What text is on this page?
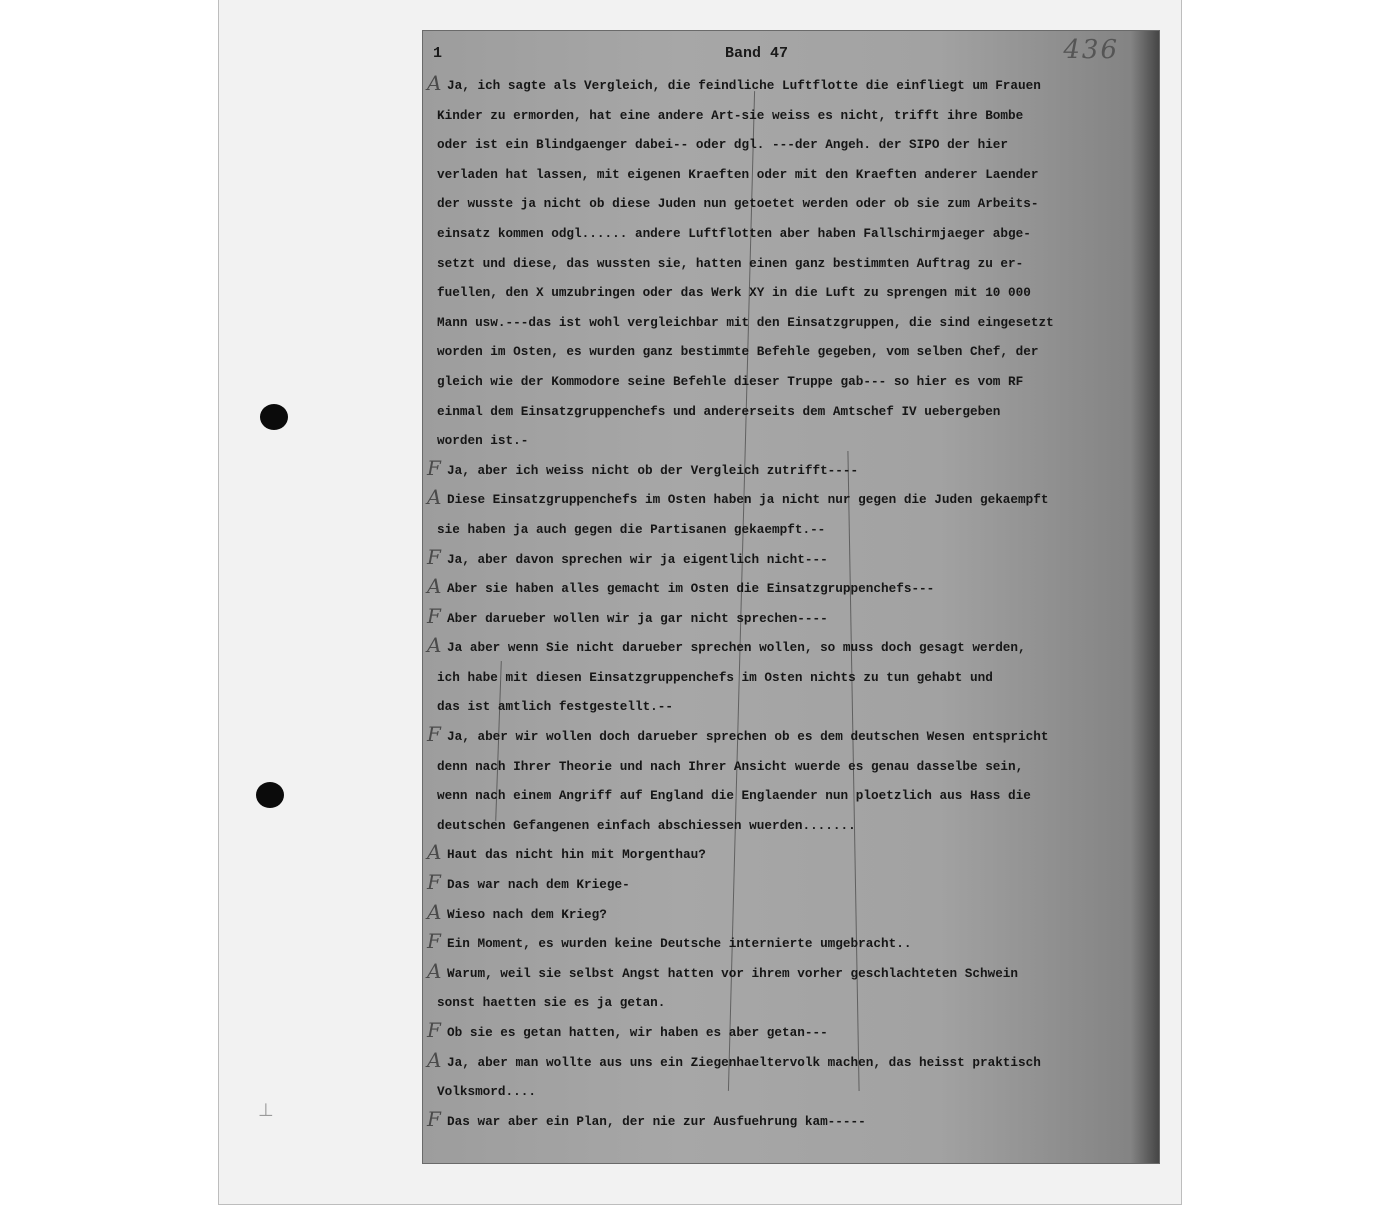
⊥
1	Band 47	436
A Ja, ich sagte als Vergleich, die feindliche Luftflotte die einfliegt um Frauen
Kinder zu ermorden, hat eine andere Art-sie weiss es nicht, trifft ihre Bombe
oder ist ein Blindgaenger dabei-- oder dgl. ---der Angeh. der SIPO der hier
verladen hat lassen, mit eigenen Kraeften oder mit den Kraeften anderer Laender
der wusste ja nicht ob diese Juden nun getoetet werden oder ob sie zum Arbeits-
einsatz kommen odgl...... andere Luftflotten aber haben Fallschirmjaeger abge-
setzt und diese, das wussten sie, hatten einen ganz bestimmten Auftrag zu er-
fuellen, den X umzubringen oder das Werk XY in die Luft zu sprengen mit 10 000
Mann usw.---das ist wohl vergleichbar mit den Einsatzgruppen, die sind eingesetzt
worden im Osten, es wurden ganz bestimmte Befehle gegeben, vom selben Chef, der
gleich wie der Kommodore seine Befehle dieser Truppe gab--- so hier es vom RF
einmal dem Einsatzgruppenchefs und andererseits dem Amtschef IV uebergeben
worden ist.-
F Ja, aber ich weiss nicht ob der Vergleich zutrifft----
A Diese Einsatzgruppenchefs im Osten haben ja nicht nur gegen die Juden gekaempft
sie haben ja auch gegen die Partisanen gekaempft.--
F Ja, aber davon sprechen wir ja eigentlich nicht---
A Aber sie haben alles gemacht im Osten die Einsatzgruppenchefs---
F Aber darueber wollen wir ja gar nicht sprechen----
A Ja aber wenn Sie nicht darueber sprechen wollen, so muss doch gesagt werden,
ich habe mit diesen Einsatzgruppenchefs im Osten nichts zu tun gehabt und
das ist amtlich festgestellt.--
F Ja, aber wir wollen doch darueber sprechen ob es dem deutschen Wesen entspricht
denn nach Ihrer Theorie und nach Ihrer Ansicht wuerde es genau dasselbe sein,
wenn nach einem Angriff auf England die Englaender nun ploetzlich aus Hass die
deutschen Gefangenen einfach abschiessen wuerden.......
A Haut das nicht hin mit Morgenthau?
F Das war nach dem Kriege-
A Wieso nach dem Krieg?
F Ein Moment, es wurden keine Deutsche internierte umgebracht..
A Warum, weil sie selbst Angst hatten vor ihrem vorher geschlachteten Schwein
sonst haetten sie es ja getan.
F Ob sie es getan hatten, wir haben es aber getan---
A Ja, aber man wollte aus uns ein Ziegenhaeltervolk machen, das heisst praktisch
Volksmord....
F Das war aber ein Plan, der nie zur Ausfuehrung kam-----
